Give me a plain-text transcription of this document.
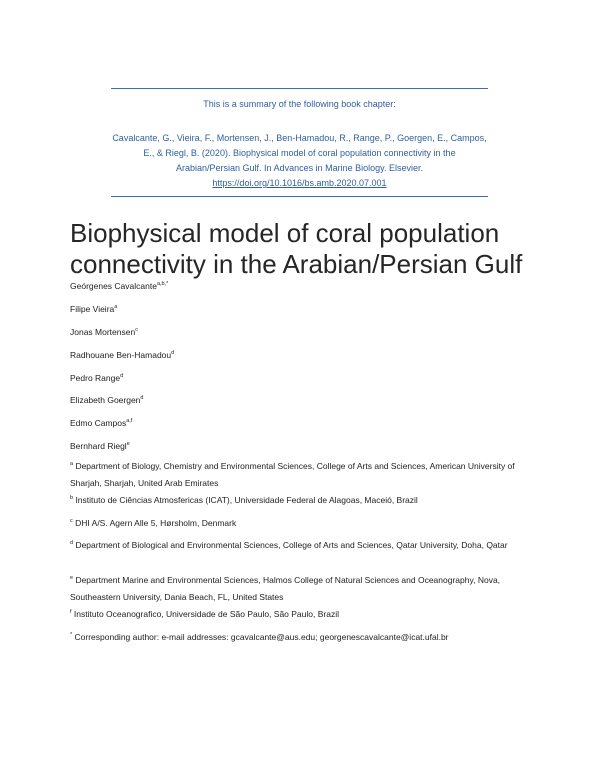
This is a summary of the following book chapter:
Cavalcante, G., Vieira, F., Mortensen, J., Ben-Hamadou, R., Range, P., Goergen, E., Campos, E., & Riegl, B. (2020). Biophysical model of coral population connectivity in the Arabian/Persian Gulf. In Advances in Marine Biology. Elsevier.
https://doi.org/10.1016/bs.amb.2020.07.001
Biophysical model of coral population connectivity in the Arabian/Persian Gulf
Geórgenes Cavalcante$^{a,b,*}$
Filipe Vieira$^a$
Jonas Mortensen$^c$
Radhouane Ben-Hamadou$^d$
Pedro Range$^d$
Elizabeth Goergen$^d$
Edmo Campos$^{a,f}$
Bernhard Riegl$^e$
$^a$ Department of Biology, Chemistry and Environmental Sciences, College of Arts and Sciences, American University of Sharjah, Sharjah, United Arab Emirates
$^b$ Instituto de Ciências Atmosfericas (ICAT), Universidade Federal de Alagoas, Maceió, Brazil
$^c$ DHI A/S. Agern Alle 5, Hørsholm, Denmark
$^d$ Department of Biological and Environmental Sciences, College of Arts and Sciences, Qatar University, Doha, Qatar
$^e$ Department Marine and Environmental Sciences, Halmos College of Natural Sciences and Oceanography, Nova, Southeastern University, Dania Beach, FL, United States
$^f$ Instituto Oceanografico, Universidade de São Paulo, São Paulo, Brazil
* Corresponding author: e-mail addresses: gcavalcante@aus.edu; georgenescavalcante@icat.ufal.br
